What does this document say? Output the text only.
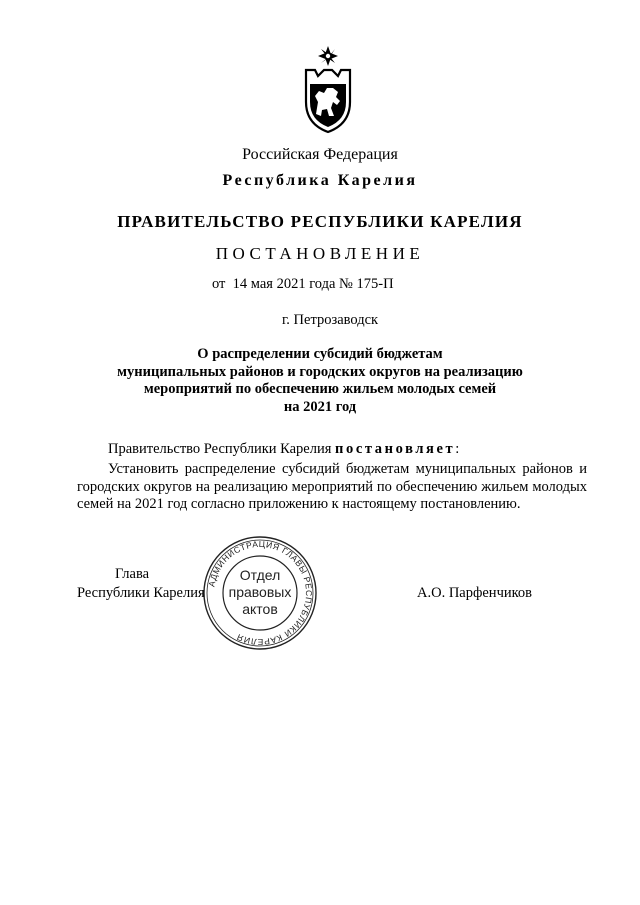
Российская Федерация
Республика Карелия
ПРАВИТЕЛЬСТВО РЕСПУБЛИКИ КАРЕЛИЯ
ПОСТАНОВЛЕНИЕ
от  14 мая 2021 года № 175-П
г. Петрозаводск
О распределении субсидий бюджетам
муниципальных районов и городских округов на реализацию
мероприятий по обеспечению жильем молодых семей
на 2021 год
Правительство Республики Карелия постановляет:

Установить распределение субсидий бюджетам муниципальных районов и городских округов на реализацию мероприятий по обеспечению жильем молодых семей на 2021 год согласно приложению к настоящему постановлению.

Глава
Республики Карелия	А.О. Парфенчиков
АДМИНИСТРАЦИЯ ГЛАВЫ РЕСПУБЛИКИ КАРЕЛИЯ
Отдел
правовых
актов
